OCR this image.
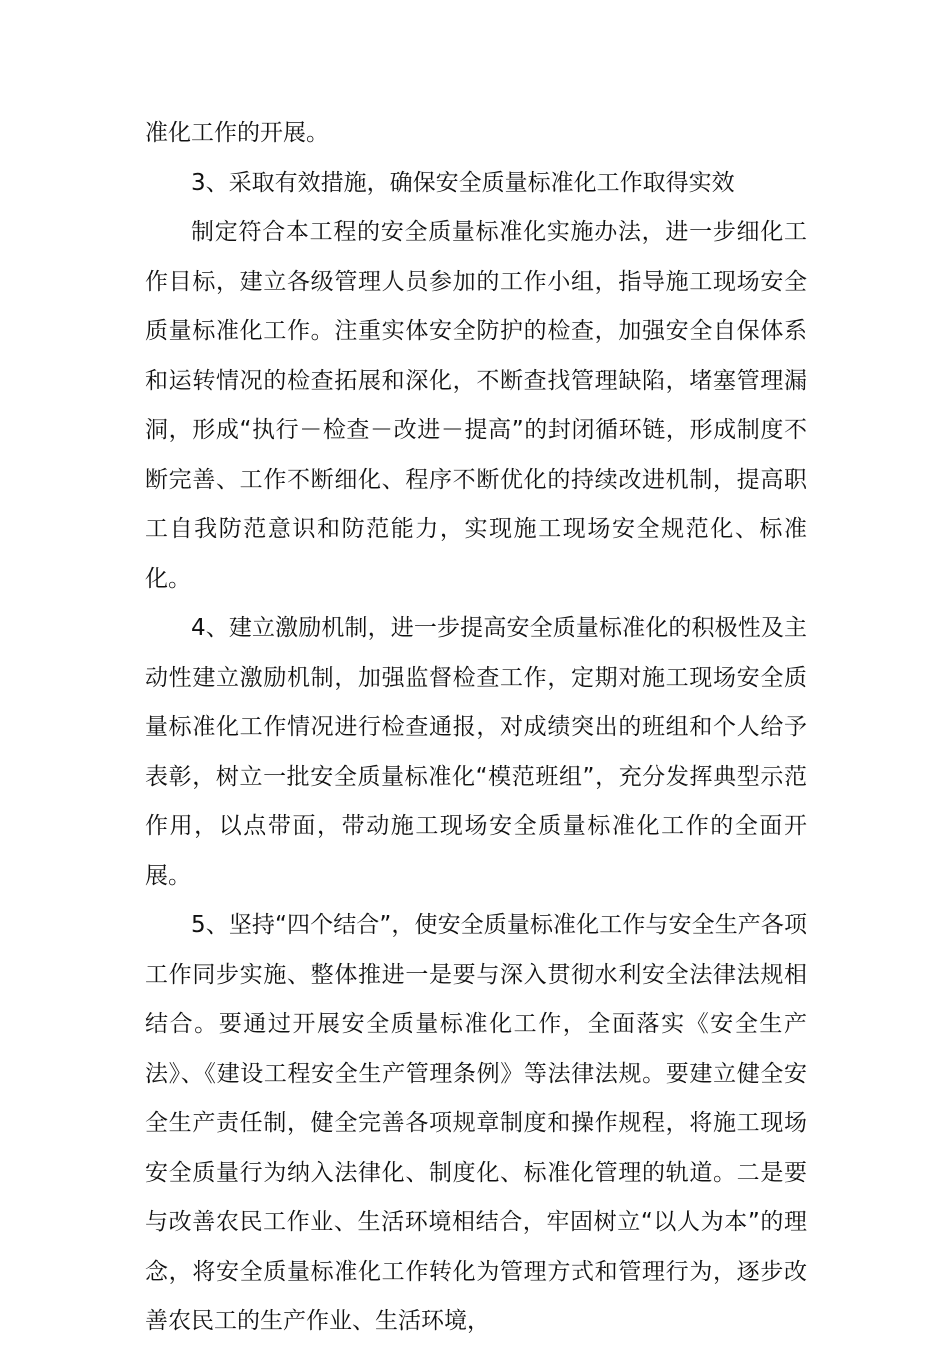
准化工作的开展。

3、采取有效措施，确保安全质量标准化工作取得实效

制定符合本工程的安全质量标准化实施办法，进一步细化工作目标，建立各级管理人员参加的工作小组，指导施工现场安全质量标准化工作。注重实体安全防护的检查，加强安全自保体系和运转情况的检查拓展和深化，不断查找管理缺陷，堵塞管理漏洞，形成“执行－检查－改进－提高”的封闭循环链，形成制度不断完善、工作不断细化、程序不断优化的持续改进机制，提高职工自我防范意识和防范能力，实现施工现场安全规范化、标准化。

4、建立激励机制，进一步提高安全质量标准化的积极性及主动性建立激励机制，加强监督检查工作，定期对施工现场安全质量标准化工作情况进行检查通报，对成绩突出的班组和个人给予表彰，树立一批安全质量标准化“模范班组”，充分发挥典型示范作用，以点带面，带动施工现场安全质量标准化工作的全面开展。

5、坚持“四个结合”，使安全质量标准化工作与安全生产各项工作同步实施、整体推进一是要与深入贯彻水利安全法律法规相结合。要通过开展安全质量标准化工作，全面落实《安全生产法》、《建设工程安全生产管理条例》等法律法规。要建立健全安全生产责任制，健全完善各项规章制度和操作规程，将施工现场安全质量行为纳入法律化、制度化、标准化管理的轨道。二是要与改善农民工作业、生活环境相结合，牢固树立“以人为本”的理念，将安全质量标准化工作转化为管理方式和管理行为，逐步改善农民工的生产作业、生活环境，
